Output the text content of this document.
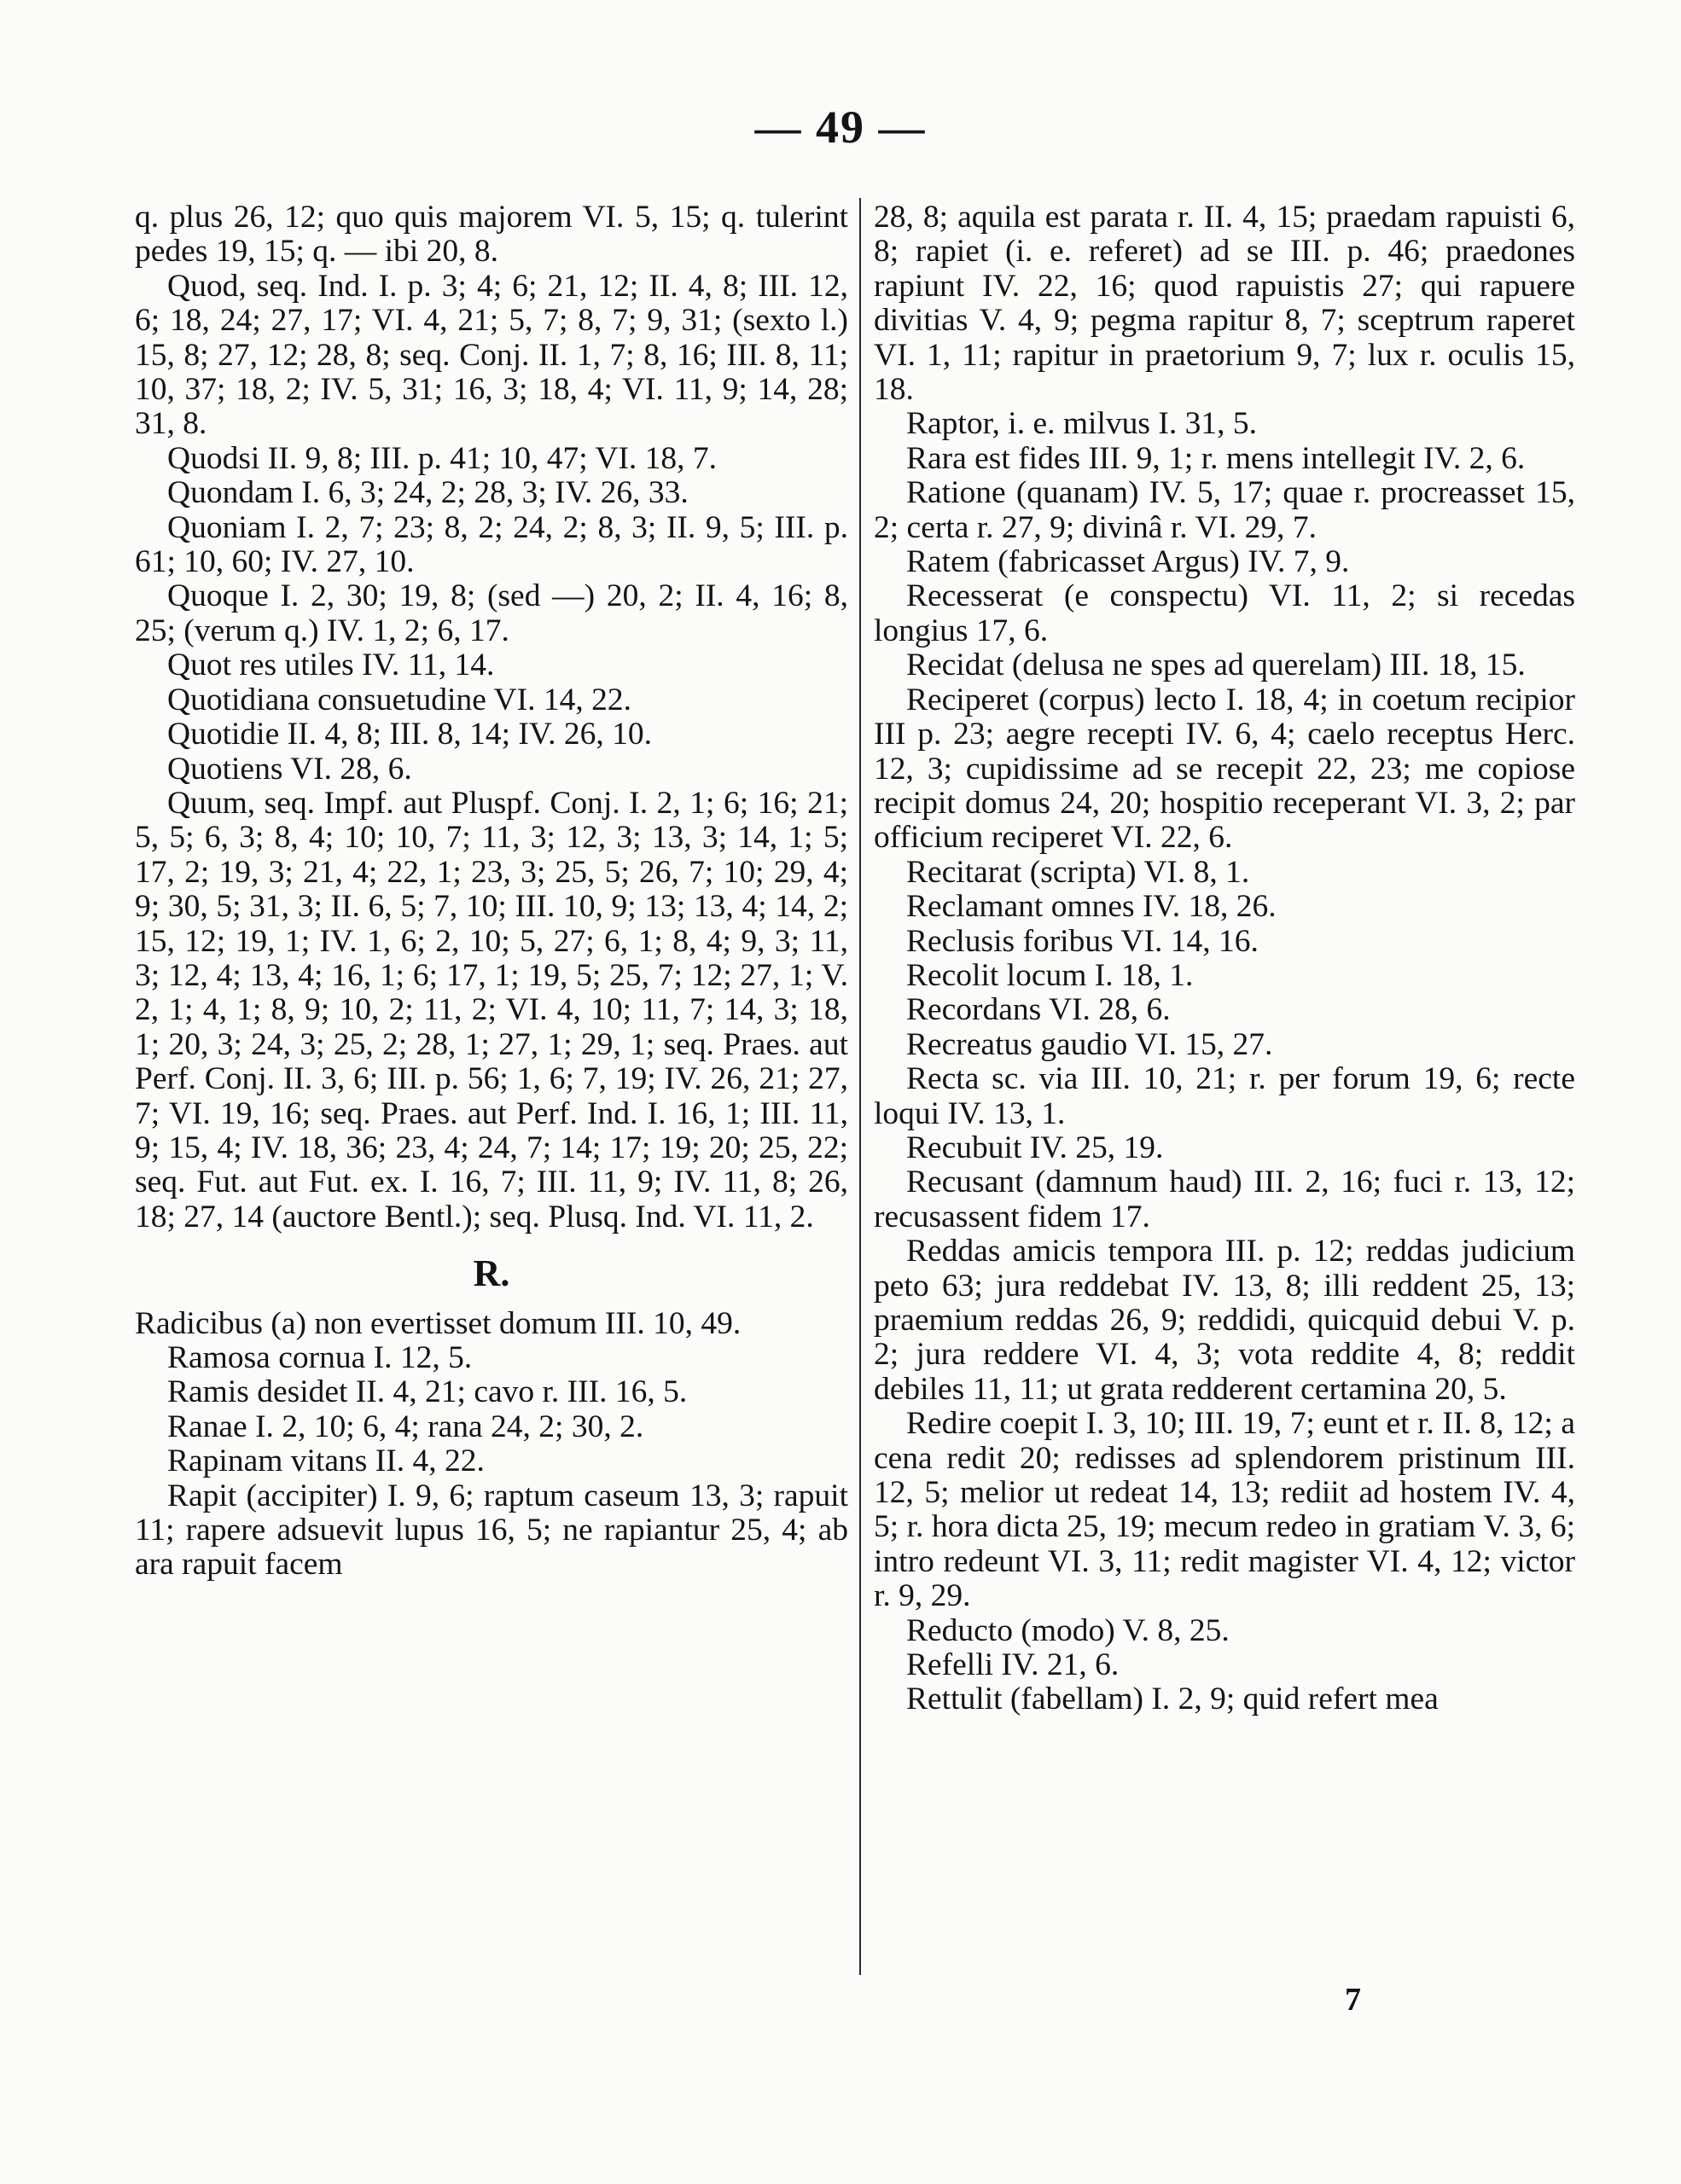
— 49 —

q. plus 26, 12; quo quis majorem VI. 5, 15; q. tulerint pedes 19, 15; q. — ibi 20, 8.

Quod, seq. Ind. I. p. 3; 4; 6; 21, 12; II. 4, 8; III. 12, 6; 18, 24; 27, 17; VI. 4, 21; 5, 7; 8, 7; 9, 31; (sexto l.) 15, 8; 27, 12; 28, 8; seq. Conj. II. 1, 7; 8, 16; III. 8, 11; 10, 37; 18, 2; IV. 5, 31; 16, 3; 18, 4; VI. 11, 9; 14, 28; 31, 8.

Quodsi II. 9, 8; III. p. 41; 10, 47; VI. 18, 7.

Quondam I. 6, 3; 24, 2; 28, 3; IV. 26, 33.

Quoniam I. 2, 7; 23; 8, 2; 24, 2; 8, 3; II. 9, 5; III. p. 61; 10, 60; IV. 27, 10.

Quoque I. 2, 30; 19, 8; (sed —) 20, 2; II. 4, 16; 8, 25; (verum q.) IV. 1, 2; 6, 17.

Quot res utiles IV. 11, 14.

Quotidiana consuetudine VI. 14, 22.

Quotidie II. 4, 8; III. 8, 14; IV. 26, 10.

Quotiens VI. 28, 6.

Quum, seq. Impf. aut Pluspf. Conj. I. 2, 1; 6; 16; 21; 5, 5; 6, 3; 8, 4; 10; 10, 7; 11, 3; 12, 3; 13, 3; 14, 1; 5; 17, 2; 19, 3; 21, 4; 22, 1; 23, 3; 25, 5; 26, 7; 10; 29, 4; 9; 30, 5; 31, 3; II. 6, 5; 7, 10; III. 10, 9; 13; 13, 4; 14, 2; 15, 12; 19, 1; IV. 1, 6; 2, 10; 5, 27; 6, 1; 8, 4; 9, 3; 11, 3; 12, 4; 13, 4; 16, 1; 6; 17, 1; 19, 5; 25, 7; 12; 27, 1; V. 2, 1; 4, 1; 8, 9; 10, 2; 11, 2; VI. 4, 10; 11, 7; 14, 3; 18, 1; 20, 3; 24, 3; 25, 2; 28, 1; 27, 1; 29, 1; seq. Praes. aut Perf. Conj. II. 3, 6; III. p. 56; 1, 6; 7, 19; IV. 26, 21; 27, 7; VI. 19, 16; seq. Praes. aut Perf. Ind. I. 16, 1; III. 11, 9; 15, 4; IV. 18, 36; 23, 4; 24, 7; 14; 17; 19; 20; 25, 22; seq. Fut. aut Fut. ex. I. 16, 7; III. 11, 9; IV. 11, 8; 26, 18; 27, 14 (auctore Bentl.); seq. Plusq. Ind. VI. 11, 2.

R.

Radicibus (a) non evertisset domum III. 10, 49.

Ramosa cornua I. 12, 5.

Ramis desidet II. 4, 21; cavo r. III. 16, 5.

Ranae I. 2, 10; 6, 4; rana 24, 2; 30, 2.

Rapinam vitans II. 4, 22.

Rapit (accipiter) I. 9, 6; raptum caseum 13, 3; rapuit 11; rapere adsuevit lupus 16, 5; ne rapiantur 25, 4; ab ara rapuit facem

28, 8; aquila est parata r. II. 4, 15; praedam rapuisti 6, 8; rapiet (i. e. referet) ad se III. p. 46; praedones rapiunt IV. 22, 16; quod rapuistis 27; qui rapuere divitias V. 4, 9; pegma rapitur 8, 7; sceptrum raperet VI. 1, 11; rapitur in praetorium 9, 7; lux r. oculis 15, 18.

Raptor, i. e. milvus I. 31, 5.

Rara est fides III. 9, 1; r. mens intellegit IV. 2, 6.

Ratione (quanam) IV. 5, 17; quae r. procreasset 15, 2; certa r. 27, 9; divinâ r. VI. 29, 7.

Ratem (fabricasset Argus) IV. 7, 9.

Recesserat (e conspectu) VI. 11, 2; si recedas longius 17, 6.

Recidat (delusa ne spes ad querelam) III. 18, 15.

Reciperet (corpus) lecto I. 18, 4; in coetum recipior III p. 23; aegre recepti IV. 6, 4; caelo receptus Herc. 12, 3; cupidissime ad se recepit 22, 23; me copiose recipit domus 24, 20; hospitio receperant VI. 3, 2; par officium reciperet VI. 22, 6.

Recitarat (scripta) VI. 8, 1.

Reclamant omnes IV. 18, 26.

Reclusis foribus VI. 14, 16.

Recolit locum I. 18, 1.

Recordans VI. 28, 6.

Recreatus gaudio VI. 15, 27.

Recta sc. via III. 10, 21; r. per forum 19, 6; recte loqui IV. 13, 1.

Recubuit IV. 25, 19.

Recusant (damnum haud) III. 2, 16; fuci r. 13, 12; recusassent fidem 17.

Reddas amicis tempora III. p. 12; reddas judicium peto 63; jura reddebat IV. 13, 8; illi reddent 25, 13; praemium reddas 26, 9; reddidi, quicquid debui V. p. 2; jura reddere VI. 4, 3; vota reddite 4, 8; reddit debiles 11, 11; ut grata redderent certamina 20, 5.

Redire coepit I. 3, 10; III. 19, 7; eunt et r. II. 8, 12; a cena redit 20; redisses ad splendorem pristinum III. 12, 5; melior ut redeat 14, 13; rediit ad hostem IV. 4, 5; r. hora dicta 25, 19; mecum redeo in gratiam V. 3, 6; intro redeunt VI. 3, 11; redit magister VI. 4, 12; victor r. 9, 29.

Reducto (modo) V. 8, 25.

Refelli IV. 21, 6.

Rettulit (fabellam) I. 2, 9; quid refert mea

7
